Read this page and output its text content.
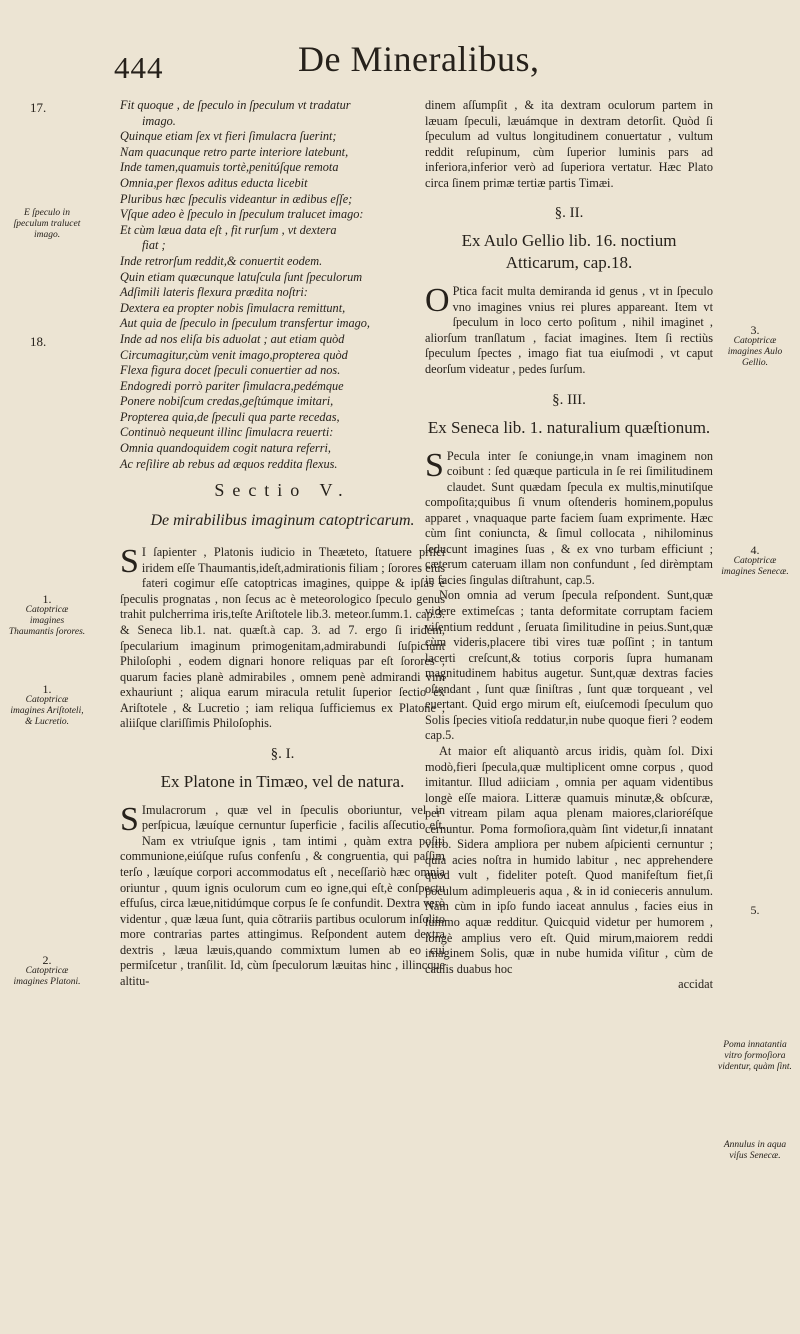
444	De Mineralibus,
17.
E ſpeculo in ſpeculum tralucet imago.
18.
1.
Catoptricæ imagines Thaumantis ſorores.
1.
Catoptricæ imagines Ariſtoteli, & Lucretio.
2.
Catoptricæ imagines Platoni.
3.
Catoptricæ imagines Aulo Gellio.
4.
Catoptricæ imagines Senecæ.
5.
Poma innatantia vitro formoſiora videntur, quàm ſint.
Annulus in aqua viſus Senecæ.
Fit quoque , de ſpeculo in ſpeculum vt tradatur
imago.
Quinque etiam ſex vt fieri ſimulacra ſuerint;
Nam quacunque retro parte interiore latebunt,
Inde tamen,quamuis tortè,penitúſque remota
Omnia,per flexos aditus educta licebit
Pluribus hæc ſpeculis videantur in ædibus eſſe;
Vſque adeo è ſpeculo in ſpeculum tralucet imago:
Et cùm læua data eſt , fit rurſum , vt dextera
fiat ;
Inde retrorſum reddit,& conuertit eodem.
Quin etiam quæcunque latuſcula ſunt ſpeculorum
Adſimili lateris flexura prædita noſtri:
Dextera ea propter nobis ſimulacra remittunt,
Aut quia de ſpeculo in ſpeculum transfertur imago,
Inde ad nos eliſa bis aduolat ; aut etiam quòd
Circumagitur,cùm venit imago,propterea quòd
Flexa figura docet ſpeculi conuertier ad nos.
Endogredi porrò pariter ſimulacra,pedémque
Ponere nobiſcum credas,geſtúmque imitari,
Propterea quia,de ſpeculi qua parte recedas,
Continuò nequeunt illinc ſimulacra reuerti:
Omnia quandoquidem cogit natura referri,
Ac reſilire ab rebus ad æquos reddita flexus.
Sectio V.
De mirabilibus imaginum catoptricarum.

S I ſapienter , Platonis iudicio in Theæteto, ſtatuere priſci iridem eſſe Thaumantis,ideſt,admirationis filiam ; ſorores eius fateri cogimur eſſe catoptricas imagines, quippe & ipſas è ſpeculis prognatas , non ſecus ac è meteorologico ſpeculo genus trahit pulcherrima iris,teſte Ariſtotele lib.3. meteor.ſumm.1. cap.3. & Seneca lib.1. nat. quæſt.à cap. 3. ad 7. ergo ſi iridem, ſpecularium imaginum primogenitam,admirabundi ſuſpiciunt Philoſophi , eodem dignari honore reliquas par eſt ſorores , quarum facies planè admirabiles , omnem penè admirandi vim exhauriunt ; aliqua earum miracula retulit ſuperior ſectio ex Ariſtotele , & Lucretio ; iam reliqua ſufficiemus ex Platone , aliiſque clariſſimis Philoſophis.

§. I.
Ex Platone in Timæo, vel de natura.

S Imulacrorum , quæ vel in ſpeculis oboriuntur, vel in perſpicua, læuíque cernuntur ſuperficie , facilis aſſecutio eſt. Nam ex vtriuſque ignis , tam intimi , quàm extra poſiti communione,eiúſque ruſus confenſu , & congruentia, qui paſſim terſo , læuíque corpori accommodatus eſt , neceſſariò hæc omnia oriuntur , quum ignis oculorum cum eo igne,qui eſt,è conſpectu effuſus, circa læue,nitidúmque corpus ſe ſe confundit. Dextra verò videntur , quæ læua ſunt, quia cõtrariis partibus oculorum inſolito more contrarias partes attingimus. Reſpondent autem dextra dextris , læua læuis,quando commixtum lumen ab eo cui permiſcetur , tranſilit. Id, cùm ſpeculorum læuitas hinc , illincque altitu-

dinem aſſumpſit , & ita dextram oculorum partem in læuam ſpeculi, læuámque in dextram detorſit. Quòd ſi ſpeculum ad vultus longitudinem conuertatur , vultum reddit reſupinum, cùm ſuperior luminis pars ad inferiora,inferior verò ad ſuperiora vertatur. Hæc Plato circa ſinem primæ tertiæ partis Timæi.

§. II.
Ex Aulo Gellio lib. 16. noctium Atticarum, cap.18.

O Ptica facit multa demiranda id genus , vt in ſpeculo vno imagines vnius rei plures appareant. Item vt ſpeculum in loco certo poſitum , nihil imaginet , aliorſum tranſlatum , faciat imagines. Item ſi rectiùs ſpeculum ſpectes , imago fiat tua eiuſmodi , vt caput deorſum videatur , pedes ſurſum.

§. III.
Ex Seneca lib. 1. naturalium quæſtionum.

S Pecula inter ſe coniunge,in vnam imaginem non coibunt : ſed quæque particula in ſe rei ſimilitudinem claudet. Sunt quædam ſpecula ex multis,minutiſque compoſita;quibus ſi vnum oſtenderis hominem,populus apparet , vnaquaque parte faciem ſuam exprimente. Hæc cùm ſint coniuncta, & ſimul collocata , nihilominus ſeducunt imagines ſuas , & ex vno turbam efficiunt ; cæterum cateruam illam non confundunt , ſed dirèmptam in facies ſingulas diſtrahunt, cap.5.

Non omnia ad verum ſpecula reſpondent. Sunt,quæ videre extimeſcas ; tanta deformitate corruptam faciem viſentium reddunt , ſeruata ſimilitudine in peius.Sunt,quæ cùm videris,placere tibi vires tuæ poſſint ; in tantum lacerti creſcunt,& totius corporis ſupra humanam magnitudinem habitus augetur. Sunt,quæ dextras facies oſtendant , ſunt quæ ſiniſtras , ſunt quæ torqueant , vel euertant. Quid ergo mirum eſt, eiuſcemodi ſpeculum quo Solis ſpecies vitioſa reddatur,in nube quoque fieri ? eodem cap.5.

At maior eſt aliquantò arcus iridis, quàm ſol. Dixi modò,fieri ſpecula,quæ multiplicent omne corpus , quod imitantur. Illud adiiciam , omnia per aquam videntibus longè eſſe maiora. Litteræ quamuis minutæ,& obſcuræ, per vitream pilam aqua plenam maiores,clarioréſque cernuntur. Poma formoſiora,quàm ſint videtur,ſi innatant vitro. Sidera ampliora per nubem aſpicienti cernuntur ; quia acies noſtra in humido labitur , nec apprehendere quod vult , fideliter poteſt. Quod manifeſtum fiet,ſi poculum adimpleueris aqua , & in id conieceris annulum. Nam cùm in ipſo fundo iaceat annulus , facies eius in ſummo aquæ redditur. Quicquid videtur per humorem , longè amplius vero eſt. Quid mirum,maiorem reddi imaginem Solis, quæ in nube humida viſitur , cùm de cauſis duabus hoc

accidat
